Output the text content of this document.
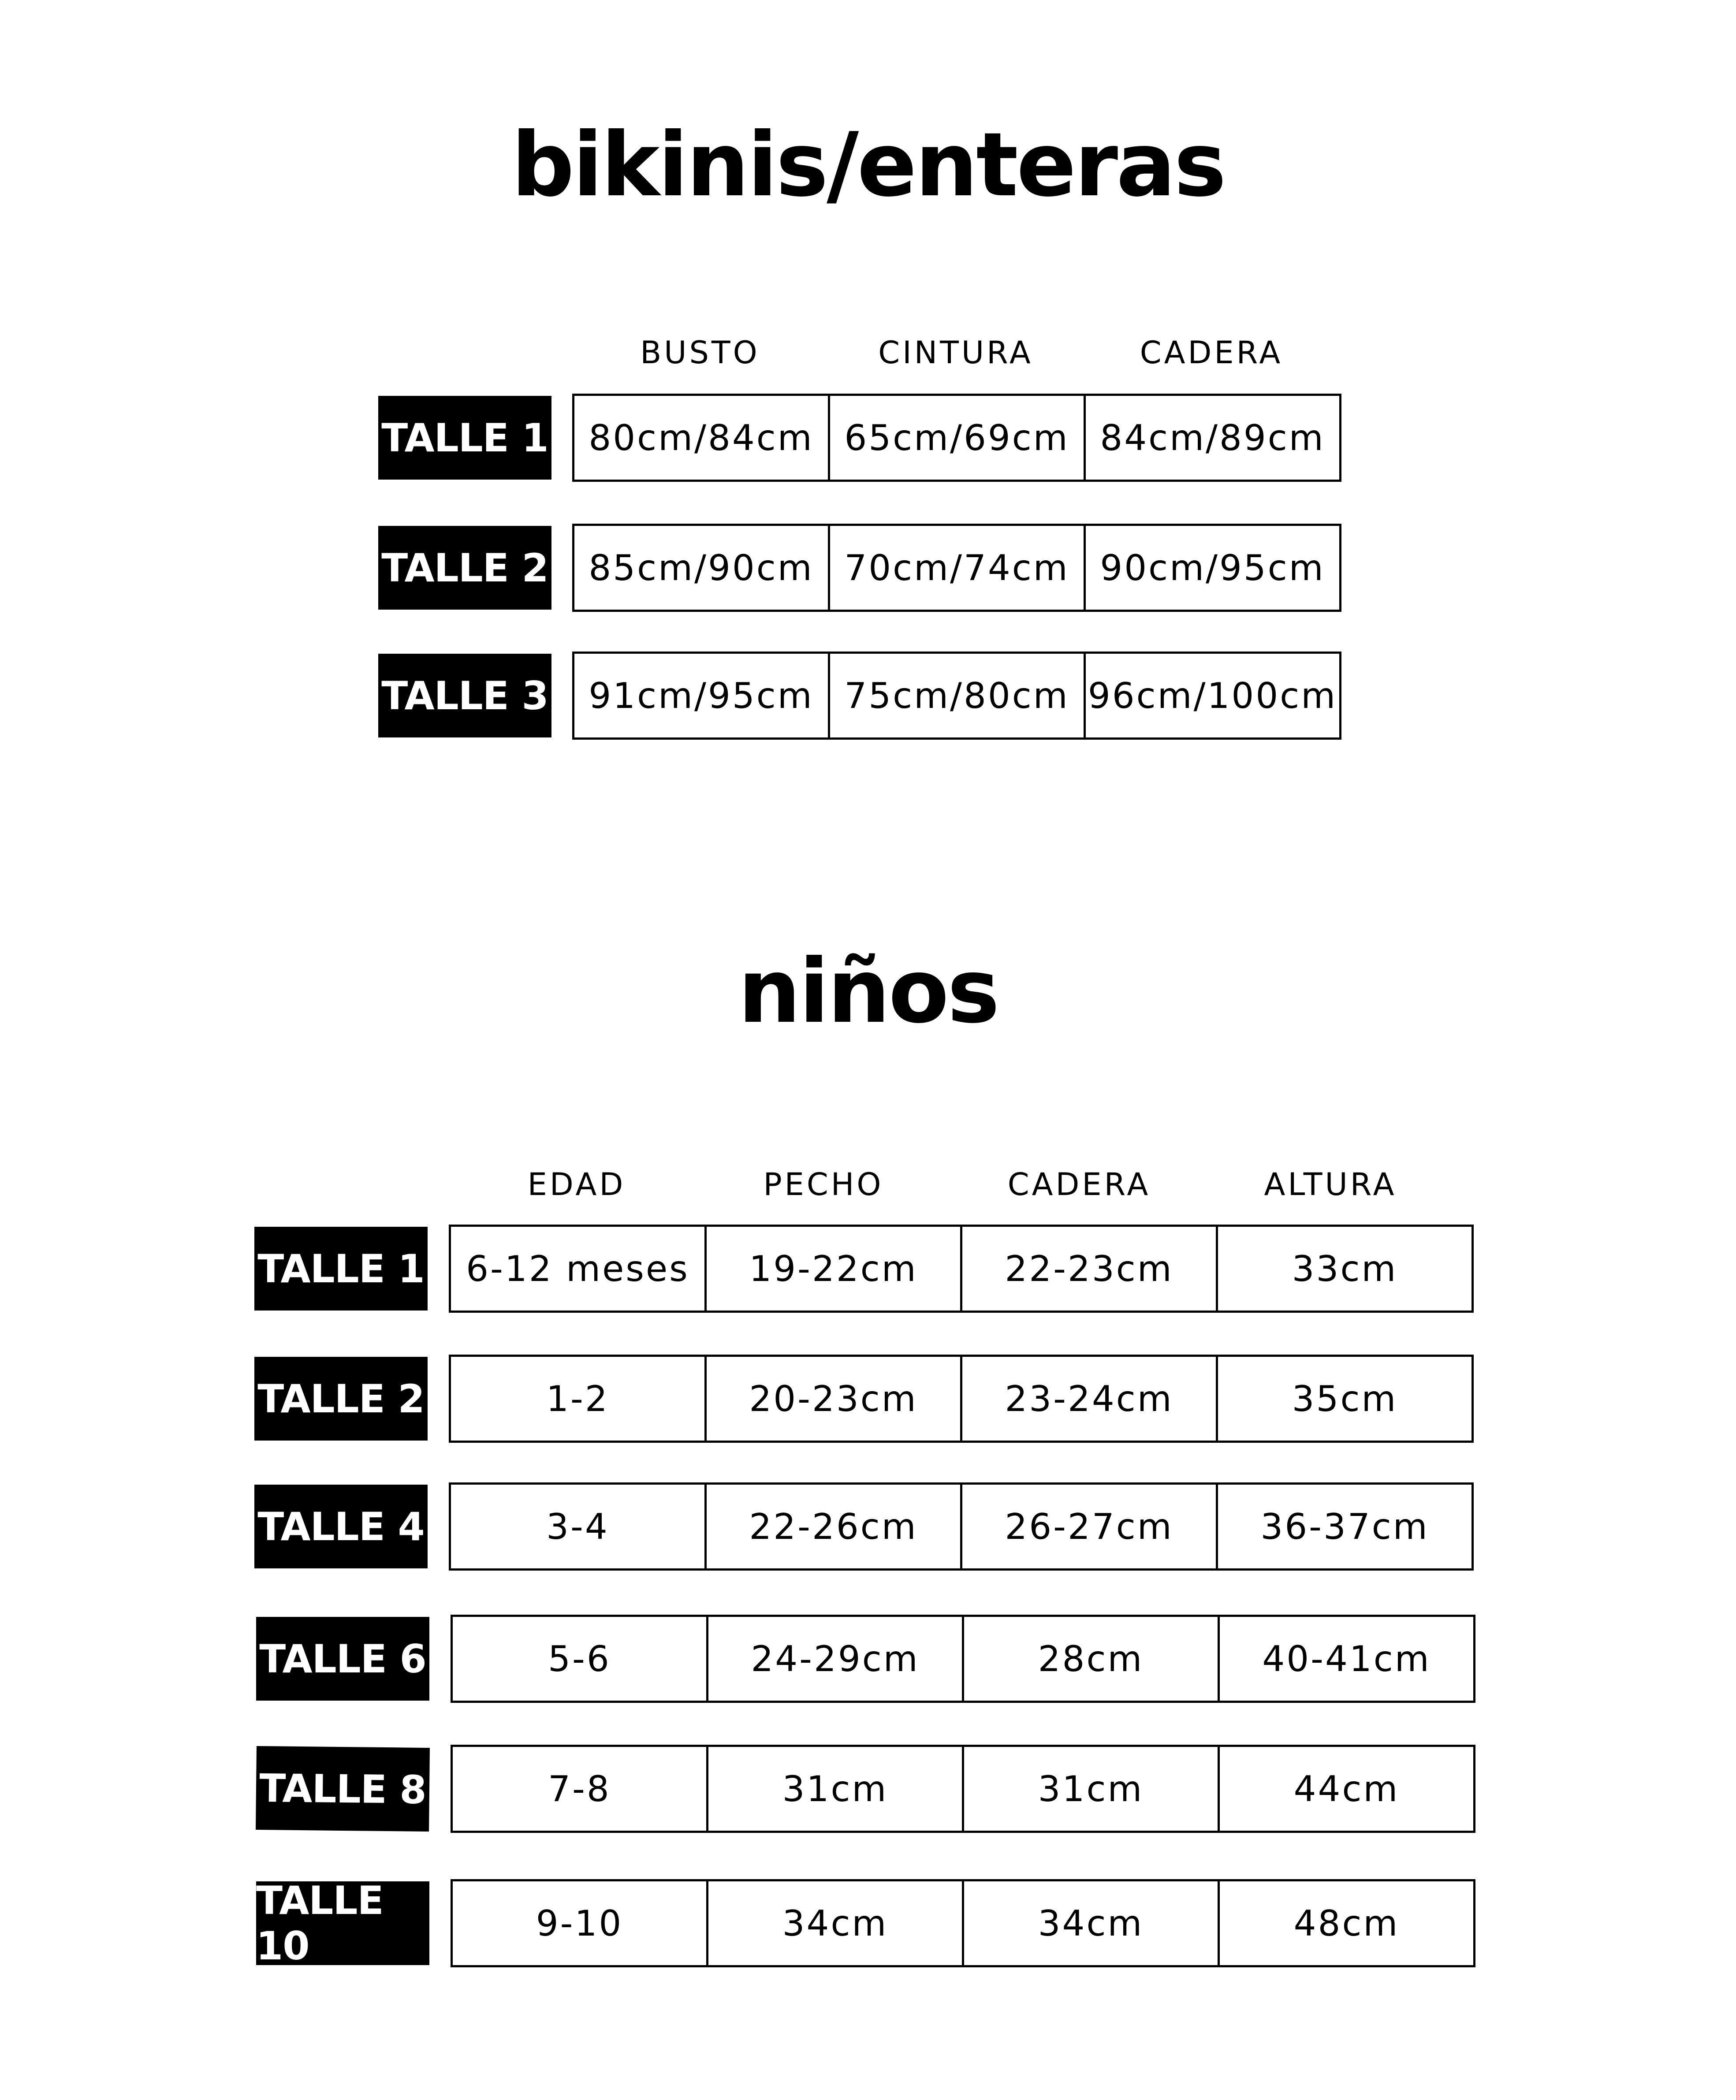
bikinis/enteras
niños
BUSTO	CINTURA	CADERA
TALLE 1	80cm/84cm 65cm/69cm 84cm/89cm
TALLE 2	85cm/90cm 70cm/74cm 90cm/95cm
TALLE 3	91cm/95cm 75cm/80cm 96cm/100cm
EDAD	PECHO	CADERA	ALTURA
TALLE 1	6-12 meses	19-22cm	22-23cm	33cm
TALLE 2	1-2	20-23cm	23-24cm	35cm
TALLE 4	3-4	22-26cm	26-27cm	36-37cm
TALLE 6	5-6	24-29cm	28cm	40-41cm
TALLE 8	7-8	31cm	31cm	44cm
TALLE 10	9-10	34cm	34cm	48cm
